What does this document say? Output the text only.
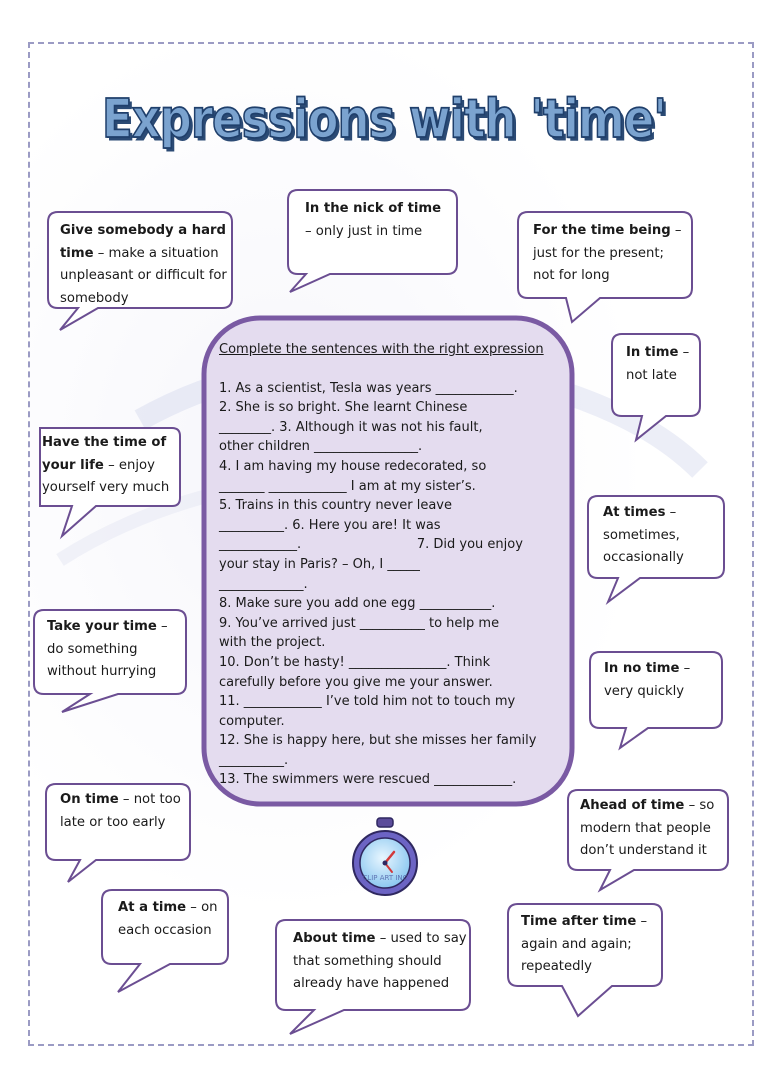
Expressions with 'time'
Give somebody a hard time – make a situation unpleasant or difficult for somebody
In the nick of time
– only just in time	For the time being – just for the present; not for long
In time –
not late
Have the time of your life – enjoy yourself very much
At times –
sometimes, occasionally
Take your time – do something without hurrying	In no time –
very quickly
On time – not too late or too early
Ahead of time – so modern that people don’t understand it
At a time – on each occasion
About time – used to say that something should already have happened
Time after time – again and again; repeatedly
Complete the sentences with the right expression
1. As a scientist, Tesla was years ____________.
2. She is so bright. She learnt Chinese
________. 3. Although it was not his fault,
other children ________________.
4. I am having my house redecorated, so
_______ ____________ I am at my sister’s.
5. Trains in this country never leave
__________. 6. Here you are! It was
____________.                            7. Did you enjoy
your stay in Paris? – Oh, I _____
_____________.
8. Make sure you add one egg ___________.
9. You’ve arrived just __________ to help me
with the project.
10. Don’t be hasty! _______________. Think
carefully before you give me your answer.
11. ____________ I’ve told him not to touch my
computer.
12. She is happy here, but she misses her family
__________.
13. The swimmers were rescued ____________.
CLIP ART INC
